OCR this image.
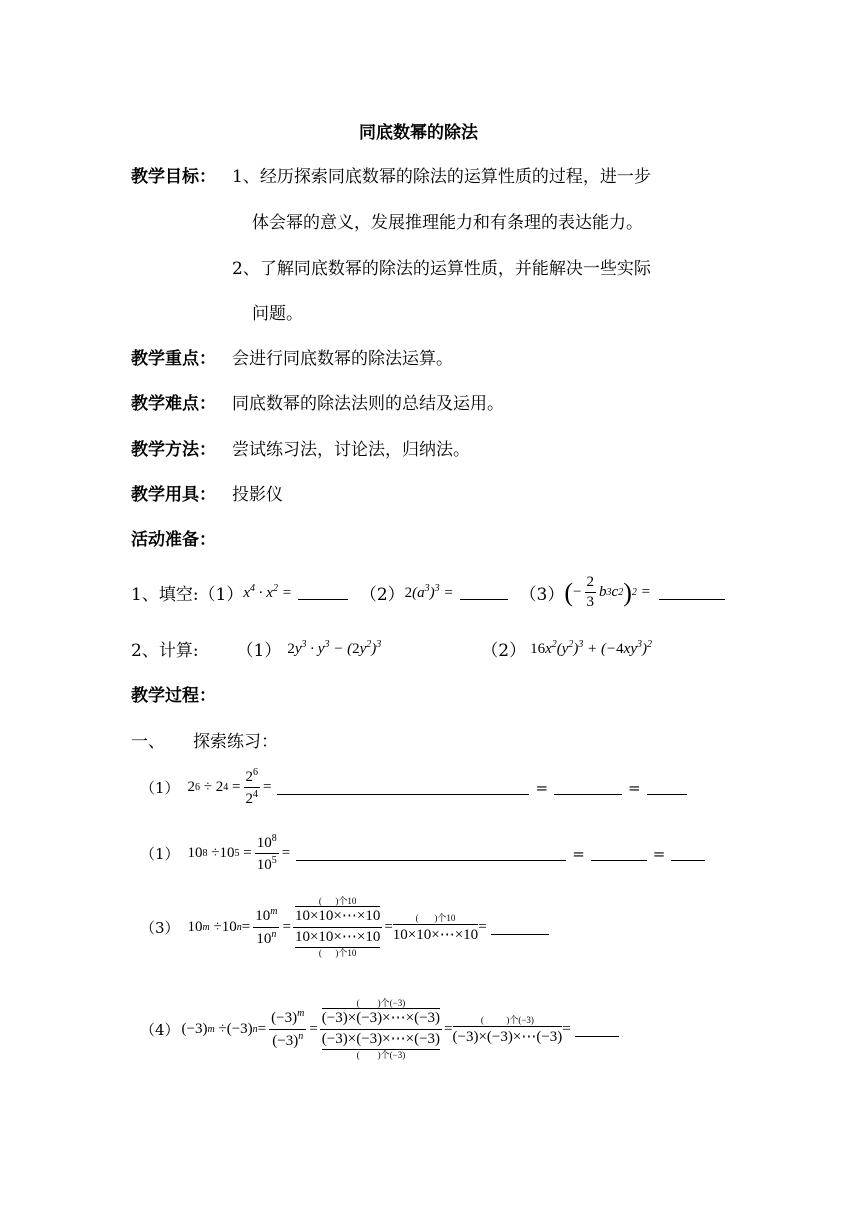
同底数幂的除法
教学目标： 1、经历探索同底数幂的除法的运算性质的过程，进一步
体会幂的意义，发展推理能力和有条理的表达能力。
2、了解同底数幂的除法的运算性质，并能解决一些实际
问题。
教学重点： 会进行同底数幂的除法运算。
教学难点： 同底数幂的除法法则的总结及运用。
教学方法： 尝试练习法，讨论法，归纳法。
教学用具： 投影仪
活动准备：
1、填空: （1） $x^4 \cdot x^2$ =	（2） $2(a^3)^3$ =	（3） ( − $\frac{2}{3}$ b 3 c 2 ) 2 =
2、计算: （1） $2y^3 \cdot y^3 - (2y^2)^3$	（2） $16x^2(y^2)^3 + (-4xy^3)^2$
教学过程：
一、 探索练习：
（1） 2 6 ÷ 2 $4 = \frac{2^6}{2^4}$ =	=	=
（1） 10 8 ÷10 $5 = \frac{10^8}{10^5}$ =	=	=
（3） 10 m ÷10 $n = \frac{10^m}{10^n}$ = (      )个10
10×10×⋯×10
10×10×⋯×10
(      )个10 =
(       )个10
10×10×⋯×10 =
（4） (−3) m ÷(−3) $n = \frac{(-3)^m}{(-3)^n}$ = (        )个(−3)
(−3)×(−3)×⋯×(−3)
(−3)×(−3)×⋯×(−3)
(        )个(−3) =
(          )个(−3)
(−3)×(−3)×⋯(−3) =
